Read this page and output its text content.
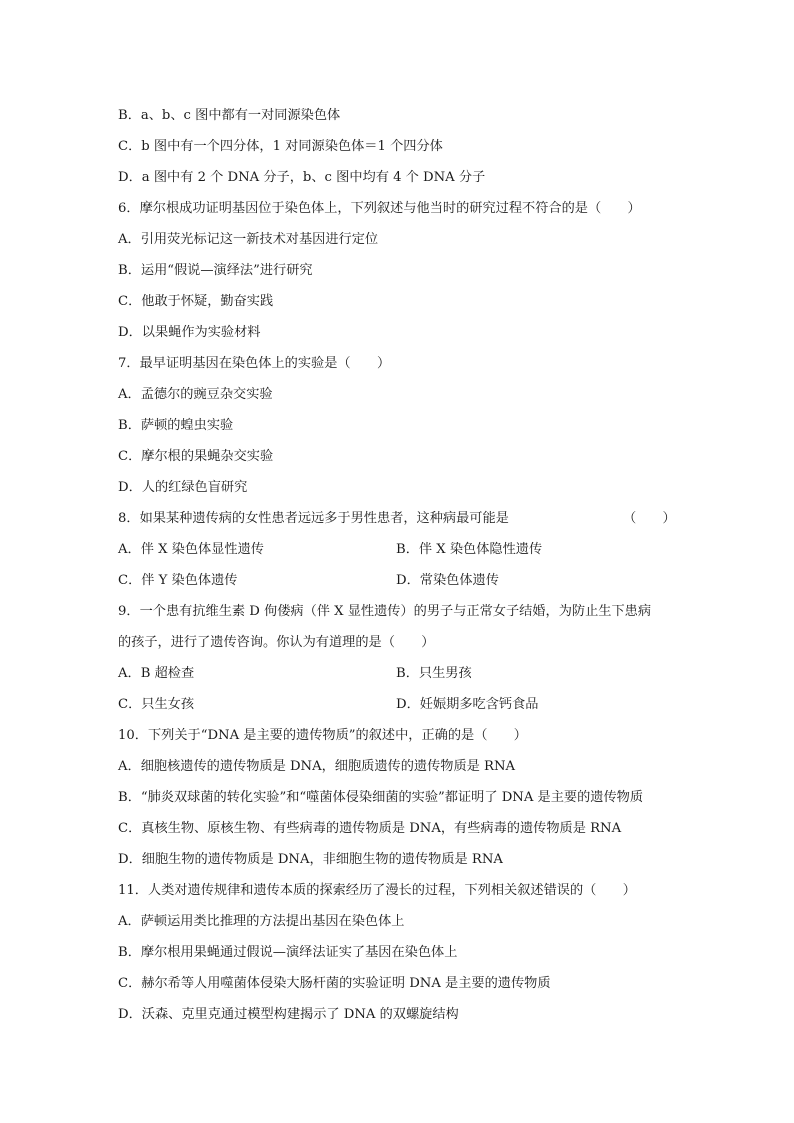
B．a、b、c 图中都有一对同源染色体
C．b 图中有一个四分体，1 对同源染色体＝1 个四分体
D．a 图中有 2 个 DNA 分子，b、c 图中均有 4 个 DNA 分子
6．摩尔根成功证明基因位于染色体上，下列叙述与他当时的研究过程不符合的是（　　）
A．引用荧光标记这一新技术对基因进行定位
B．运用“假说—演绎法”进行研究
C．他敢于怀疑，勤奋实践
D．以果蝇作为实验材料
7．最早证明基因在染色体上的实验是（　　）
A．孟德尔的豌豆杂交实验
B．萨顿的蝗虫实验
C．摩尔根的果蝇杂交实验
D．人的红绿色盲研究
8．如果某种遗传病的女性患者远远多于男性患者，这种病最可能是	（　　）
A．伴 X 染色体显性遗传	B．伴 X 染色体隐性遗传
C．伴 Y 染色体遗传	D．常染色体遗传
9．一个患有抗维生素 D 佝偻病（伴 X 显性遗传）的男子与正常女子结婚，为防止生下患病
的孩子，进行了遗传咨询。你认为有道理的是（　　）
A．B 超检查	B．只生男孩
C．只生女孩	D．妊娠期多吃含钙食品
10．下列关于“DNA 是主要的遗传物质”的叙述中，正确的是（　　）
A．细胞核遗传的遗传物质是 DNA，细胞质遗传的遗传物质是 RNA
B．“肺炎双球菌的转化实验”和“噬菌体侵染细菌的实验”都证明了 DNA 是主要的遗传物质
C．真核生物、原核生物、有些病毒的遗传物质是 DNA，有些病毒的遗传物质是 RNA
D．细胞生物的遗传物质是 DNA，非细胞生物的遗传物质是 RNA
11．人类对遗传规律和遗传本质的探索经历了漫长的过程，下列相关叙述错误的（　　）
A．萨顿运用类比推理的方法提出基因在染色体上
B．摩尔根用果蝇通过假说—演绎法证实了基因在染色体上
C．赫尔希等人用噬菌体侵染大肠杆菌的实验证明 DNA 是主要的遗传物质
D．沃森、克里克通过模型构建揭示了 DNA 的双螺旋结构
